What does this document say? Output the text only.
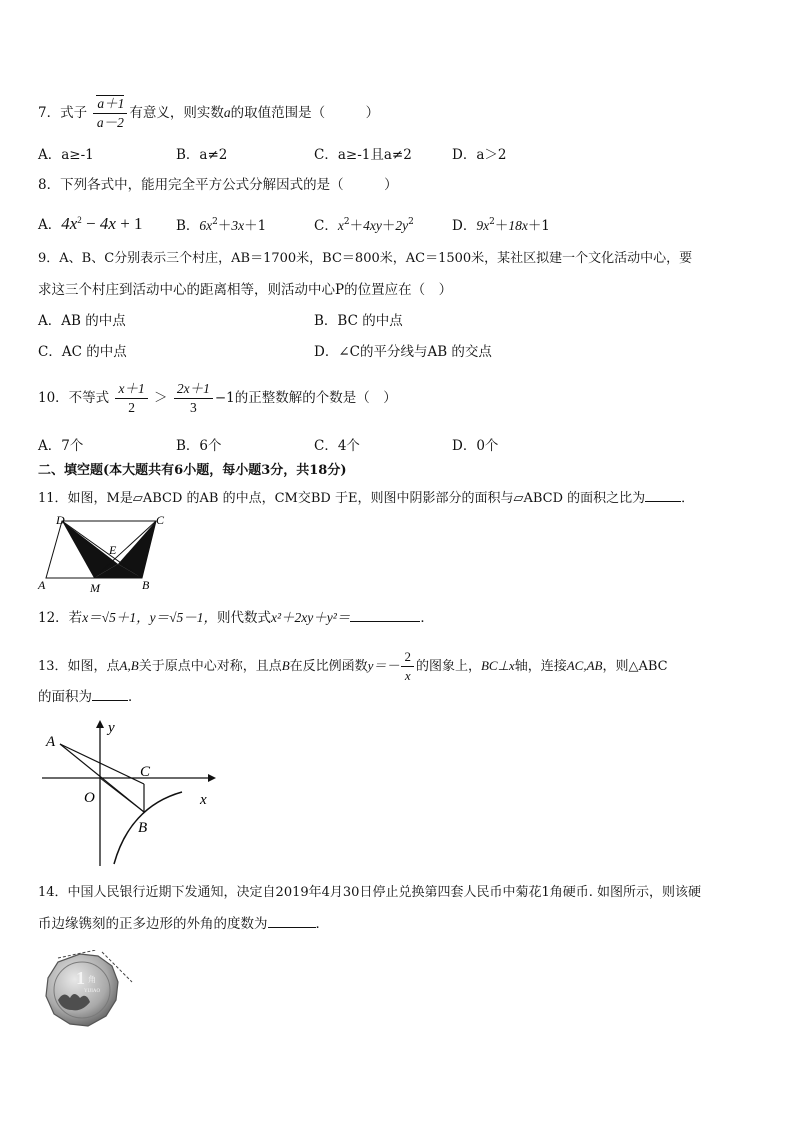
7．式子 $\frac{a+1}{a-2}$ 有意义，则实数a的取值范围是（　　　）
A．a≥-1	B．a≠2	C．a≥-1且a≠2	D．a＞2
8．下列各式中，能用完全平方公式分解因式的是（　　　）
A．$4x^2 - 4x + 1$ B．$6x^2+3x+1$	C．$x^2+4xy+2y^2$	D．$9x^2+18x+1$
9．A、B、C分别表示三个村庄，AB＝1700米，BC＝800米，AC＝1500米，某社区拟建一个文化活动中心，要
求这三个村庄到活动中心的距离相等，则活动中心P的位置应在（　）
A．AB 的中点	B．BC 的中点
C．AC 的中点	D．∠C的平分线与AB 的交点
10．不等式 $\frac{x+1}{2} > \frac{2x+1}{3} -1$的正整数解的个数是（　）
A．7个	B．6个	C．4个	D．0个
二、填空题(本大题共有6小题，每小题3分，共18分)
11．如图，M是▱ABCD 的AB 的中点，CM交BD 于E，则图中阴影部分的面积与▱ABCD 的面积之比为	．
D	C
E
A	M	B
12．若x＝√5＋1，y＝√5－1，则代数式x²＋2xy＋y²＝	．
13．如图，点A,B关于原点中心对称，且点B在反比例函数$y=- \frac{2}{x}$ 的图象上，BC⊥x轴，连接AC,AB，则△ABC
的面积为	．
y
A
C
O	x
B
14．中国人民银行近期下发通知，决定自2019年4月30日停止兑换第四套人民币中菊花1角硬币. 如图所示，则该硬
币边缘镌刻的正多边形的外角的度数为	．
1 角
YIJIAO
